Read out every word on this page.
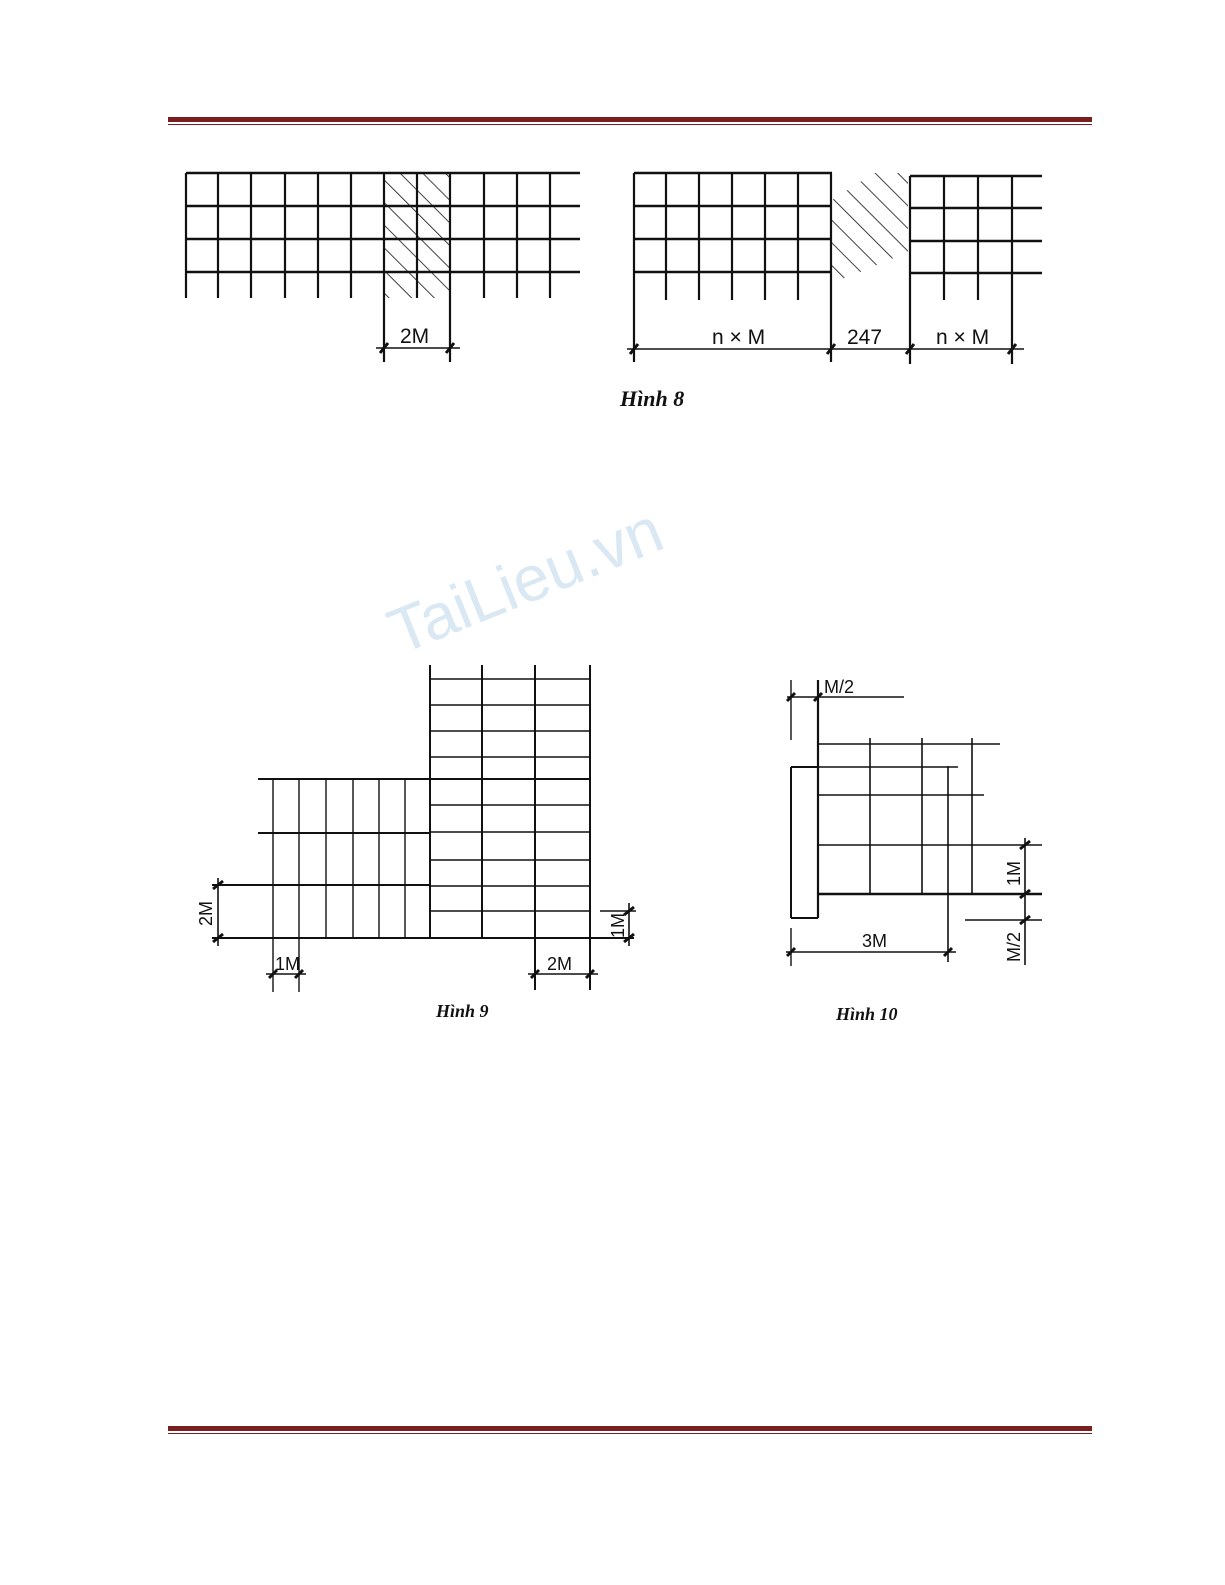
TaiLieu.vn
2M	n × M	247	n × M
Hình 8
2M	1M
1M	2M
Hình 9
M/2
1M
M/2
3M
Hình 10
